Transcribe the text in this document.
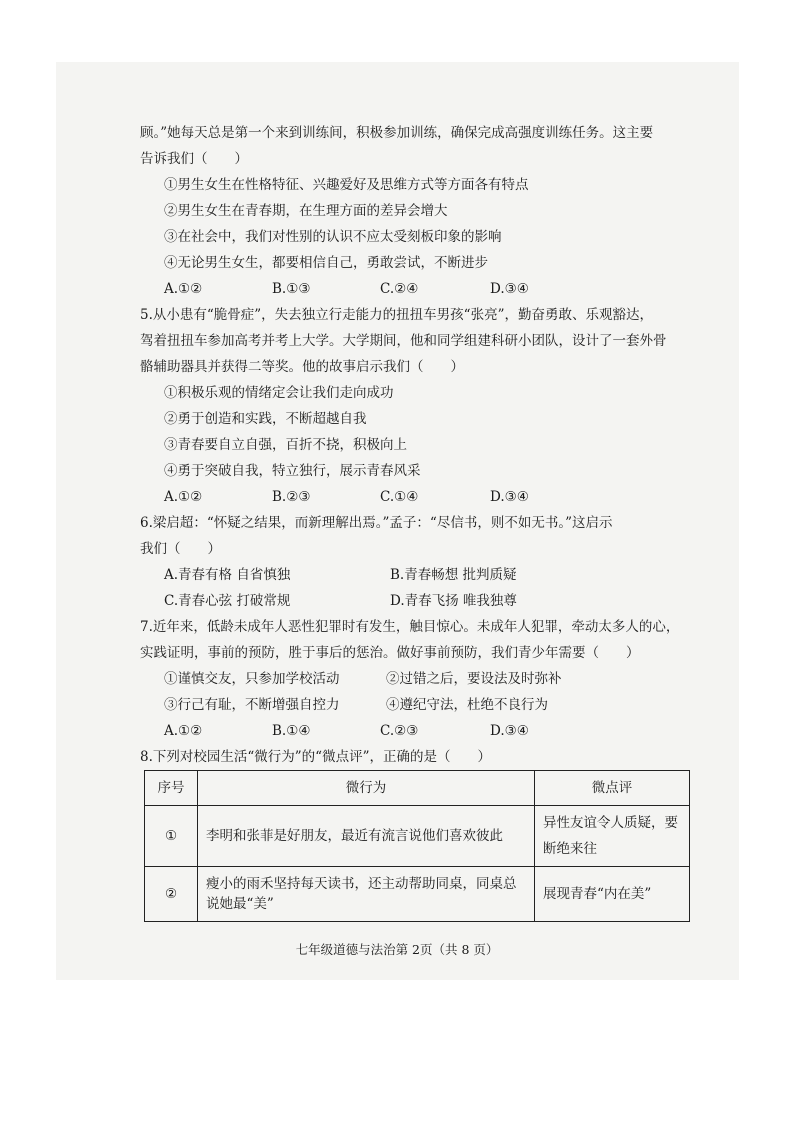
顾。”她每天总是第一个来到训练间，积极参加训练，确保完成高强度训练任务。这主要
告诉我们（　　）
①男生女生在性格特征、兴趣爱好及思维方式等方面各有特点
②男生女生在青春期，在生理方面的差异会增大
③在社会中，我们对性别的认识不应太受刻板印象的影响
④无论男生女生，都要相信自己，勇敢尝试，不断进步
A.①②	B.①③	C.②④	D.③④
5.从小患有“脆骨症”，失去独立行走能力的扭扭车男孩“张亮”，勤奋勇敢、乐观豁达，
驾着扭扭车参加高考并考上大学。大学期间，他和同学组建科研小团队，设计了一套外骨
骼辅助器具并获得二等奖。他的故事启示我们（　　）
①积极乐观的情绪定会让我们走向成功
②勇于创造和实践，不断超越自我
③青春要自立自强，百折不挠，积极向上
④勇于突破自我，特立独行，展示青春风采
A.①②	B.②③	C.①④	D.③④
6.梁启超：“怀疑之结果，而新理解出焉。”孟子：“尽信书，则不如无书。”这启示
我们（　　）
A.青春有格 自省慎独	B.青春畅想 批判质疑
C.青春心弦 打破常规	D.青春飞扬 唯我独尊
7.近年来，低龄未成年人恶性犯罪时有发生，触目惊心。未成年人犯罪，牵动太多人的心，
实践证明，事前的预防，胜于事后的惩治。做好事前预防，我们青少年需要（　　）
①谨慎交友，只参加学校活动	②过错之后，要设法及时弥补
③行己有耻，不断增强自控力	④遵纪守法，杜绝不良行为
A.①②	B.①④	C.②③	D.③④
8.下列对校园生活“微行为”的“微点评”，正确的是（　　）
序号	微行为	微点评
①	李明和张菲是好朋友，最近有流言说他们喜欢彼此	异性友谊令人质疑，要断绝来往
②	瘦小的雨禾坚持每天读书，还主动帮助同桌，同桌总说她最“美”	展现青春“内在美”
七年级道德与法治第 2页（共 8 页）
